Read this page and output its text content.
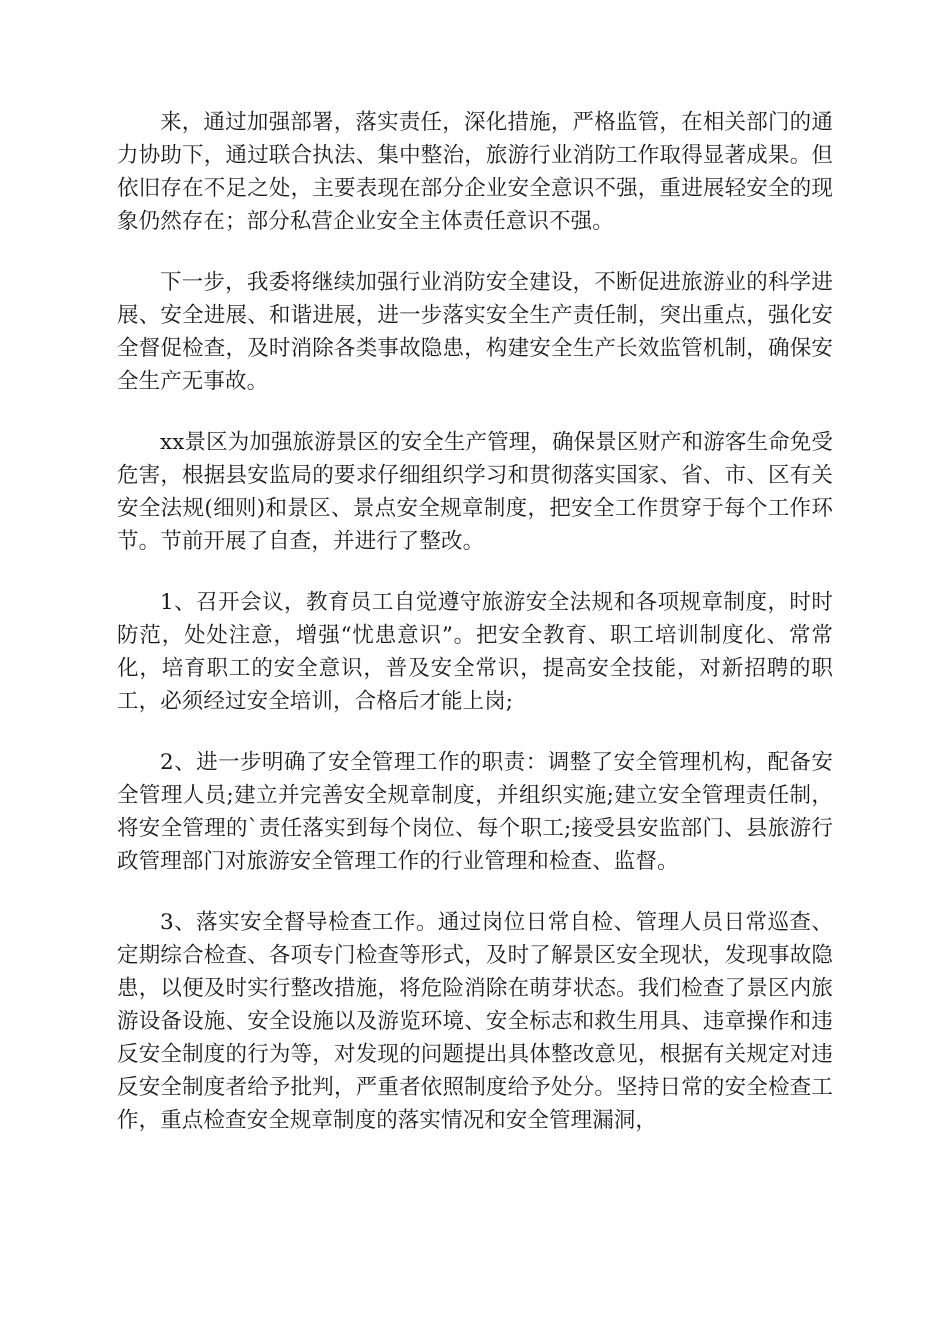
来，通过加强部署，落实责任，深化措施，严格监管，在相关部门的通力协助下，通过联合执法、集中整治，旅游行业消防工作取得显著成果。但依旧存在不足之处，主要表现在部分企业安全意识不强，重进展轻安全的现象仍然存在；部分私营企业安全主体责任意识不强。

下一步，我委将继续加强行业消防安全建设，不断促进旅游业的科学进展、安全进展、和谐进展，进一步落实安全生产责任制，突出重点，强化安全督促检查，及时消除各类事故隐患，构建安全生产长效监管机制，确保安全生产无事故。

xx景区为加强旅游景区的安全生产管理，确保景区财产和游客生命免受危害，根据县安监局的要求仔细组织学习和贯彻落实国家、省、市、区有关安全法规(细则)和景区、景点安全规章制度，把安全工作贯穿于每个工作环节。节前开展了自查，并进行了整改。

1、召开会议，教育员工自觉遵守旅游安全法规和各项规章制度，时时防范，处处注意，增强“忧患意识”。把安全教育、职工培训制度化、常常化，培育职工的安全意识，普及安全常识，提高安全技能，对新招聘的职工，必须经过安全培训，合格后才能上岗;

2、进一步明确了安全管理工作的职责：调整了安全管理机构，配备安全管理人员;建立并完善安全规章制度，并组织实施;建立安全管理责任制，将安全管理的`责任落实到每个岗位、每个职工;接受县安监部门、县旅游行政管理部门对旅游安全管理工作的行业管理和检查、监督。

3、落实安全督导检查工作。通过岗位日常自检、管理人员日常巡查、定期综合检查、各项专门检查等形式，及时了解景区安全现状，发现事故隐患，以便及时实行整改措施，将危险消除在萌芽状态。我们检查了景区内旅游设备设施、安全设施以及游览环境、安全标志和救生用具、违章操作和违反安全制度的行为等，对发现的问题提出具体整改意见，根据有关规定对违反安全制度者给予批判，严重者依照制度给予处分。坚持日常的安全检查工作，重点检查安全规章制度的落实情况和安全管理漏洞，
